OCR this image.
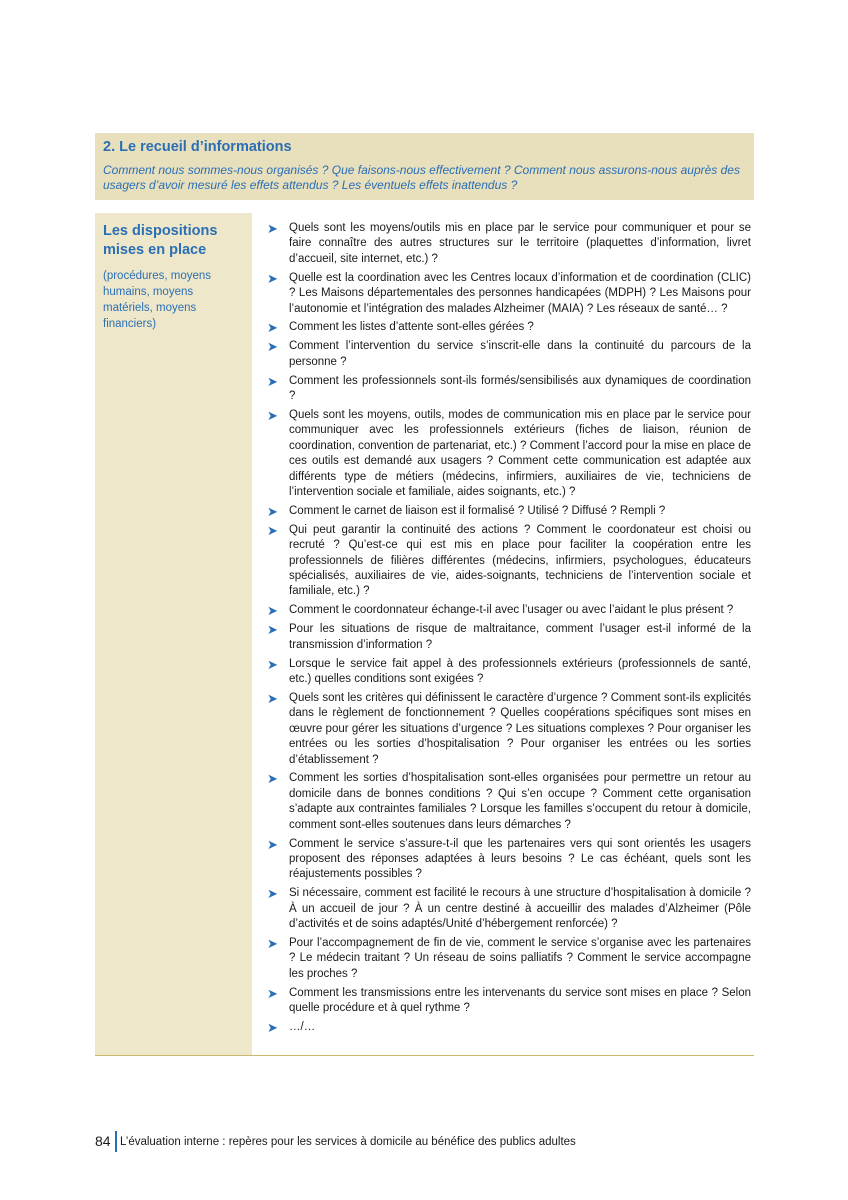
2. Le recueil d’informations

Comment nous sommes-nous organisés ? Que faisons-nous effectivement ? Comment nous assurons-nous auprès des usagers d’avoir mesuré les effets attendus ? Les éventuels effets inattendus ?

Les dispositions mises en place

(procédures, moyens humains, moyens matériels, moyens financiers)

➤ Quels sont les moyens/outils mis en place par le service pour communiquer et pour se faire connaître des autres structures sur le territoire (plaquettes d’information, livret d’accueil, site internet, etc.) ?
➤ Quelle est la coordination avec les Centres locaux d’information et de coordination (CLIC) ? Les Maisons départementales des personnes handicapées (MDPH) ? Les Maisons pour l’autonomie et l’intégration des malades Alzheimer (MAIA) ? Les réseaux de santé… ?
➤ Comment les listes d’attente sont-elles gérées ?
➤ Comment l’intervention du service s’inscrit-elle dans la continuité du parcours de la personne ?
➤ Comment les professionnels sont-ils formés/sensibilisés aux dynamiques de coordination ?
➤ Quels sont les moyens, outils, modes de communication mis en place par le service pour communiquer avec les professionnels extérieurs (fiches de liaison, réunion de coordination, convention de partenariat, etc.) ? Comment l’accord pour la mise en place de ces outils est demandé aux usagers ? Comment cette communication est adaptée aux différents type de métiers (médecins, infirmiers, auxiliaires de vie, techniciens de l’intervention sociale et familiale, aides soignants, etc.) ?
➤ Comment le carnet de liaison est il formalisé ? Utilisé ? Diffusé ? Rempli ?
➤ Qui peut garantir la continuité des actions ? Comment le coordonateur est choisi ou recruté ? Qu’est-ce qui est mis en place pour faciliter la coopération entre les professionnels de filières différentes (médecins, infirmiers, psychologues, éducateurs spécialisés, auxiliaires de vie, aides-soignants, techniciens de l’intervention sociale et familiale, etc.) ?
➤ Comment le coordonnateur échange-t-il avec l’usager ou avec l’aidant le plus présent ?
➤ Pour les situations de risque de maltraitance, comment l’usager est-il informé de la transmission d’information ?
➤ Lorsque le service fait appel à des professionnels extérieurs (professionnels de santé, etc.) quelles conditions sont exigées ?
➤ Quels sont les critères qui définissent le caractère d’urgence ? Comment sont-ils explicités dans le règlement de fonctionnement ? Quelles coopérations spécifiques sont mises en œuvre pour gérer les situations d’urgence ? Les situations complexes ? Pour organiser les entrées ou les sorties d’hospitalisation ? Pour organiser les entrées ou les sorties d’établissement ?
➤ Comment les sorties d’hospitalisation sont-elles organisées pour permettre un retour au domicile dans de bonnes conditions ? Qui s’en occupe ? Comment cette organisation s’adapte aux contraintes familiales ? Lorsque les familles s’occupent du retour à domicile, comment sont-elles soutenues dans leurs démarches ?
➤ Comment le service s’assure-t-il que les partenaires vers qui sont orientés les usagers proposent des réponses adaptées à leurs besoins ? Le cas échéant, quels sont les réajustements possibles ?
➤ Si nécessaire, comment est facilité le recours à une structure d’hospitalisation à domicile ? À un accueil de jour ? À un centre destiné à accueillir des malades d’Alzheimer (Pôle d’activités et de soins adaptés/Unité d’hébergement renforcée) ?
➤ Pour l’accompagnement de fin de vie, comment le service s’organise avec les partenaires ? Le médecin traitant ? Un réseau de soins palliatifs ? Comment le service accompagne les proches ?
➤ Comment les transmissions entre les intervenants du service sont mises en place ? Selon quelle procédure et à quel rythme ?
➤ …/…
84 L’évaluation interne : repères pour les services à domicile au bénéfice des publics adultes
